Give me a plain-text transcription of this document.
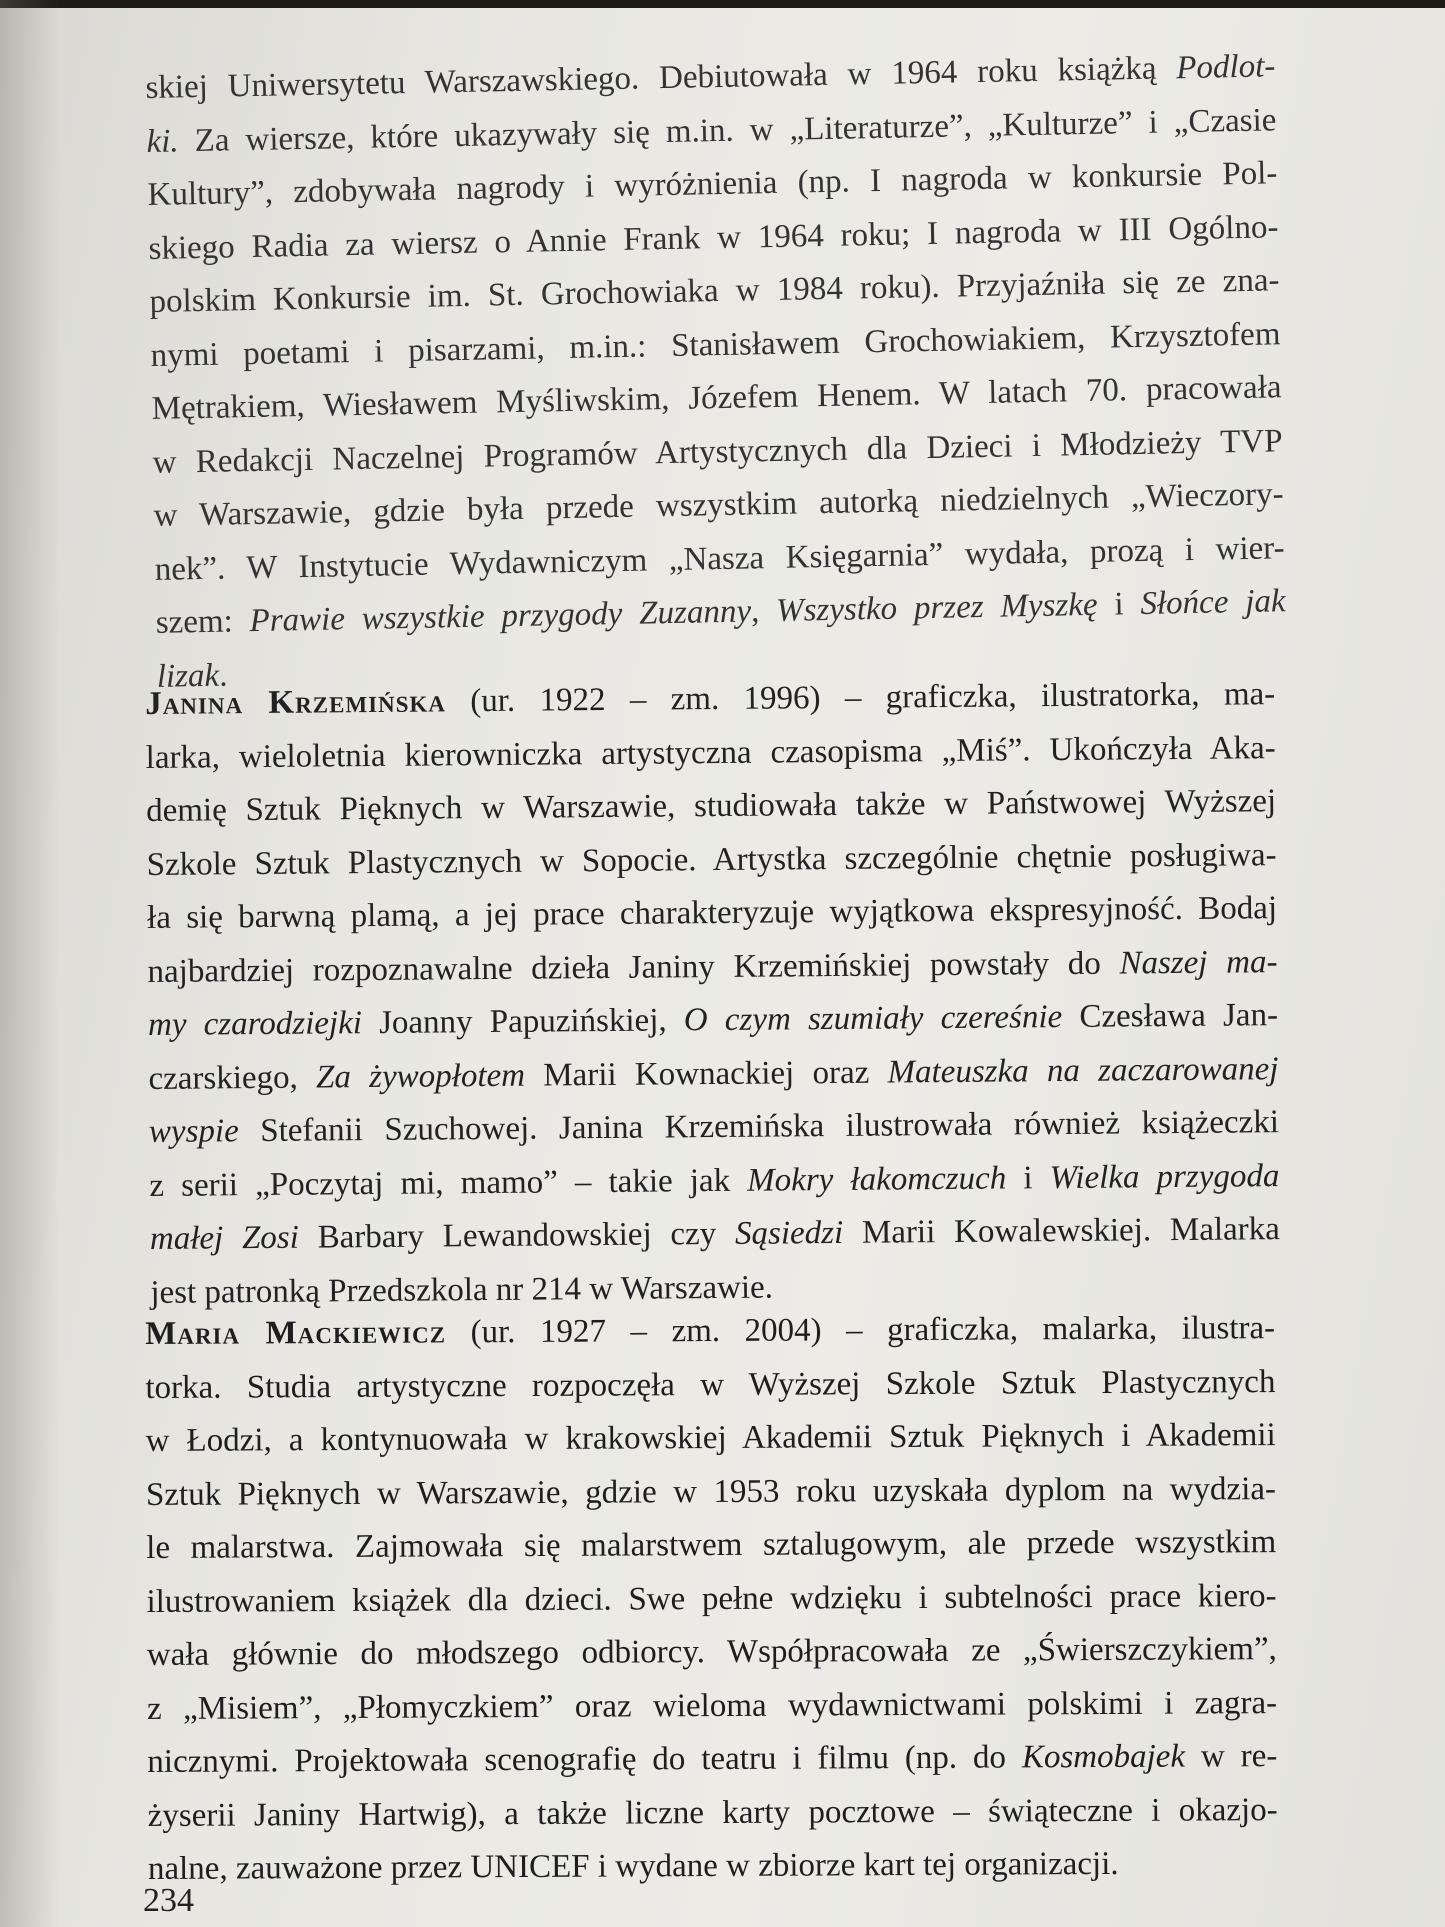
skiej Uniwersytetu Warszawskiego. Debiutowała w 1964 roku książką Podlot-
ki. Za wiersze, które ukazywały się m.in. w „Literaturze”, „Kulturze” i „Czasie
Kultury”, zdobywała nagrody i wyróżnienia (np. I nagroda w konkursie Pol-
skiego Radia za wiersz o Annie Frank w 1964 roku; I nagroda w III Ogólno-
polskim Konkursie im. St. Grochowiaka w 1984 roku). Przyjaźniła się ze zna-
nymi poetami i pisarzami, m.in.: Stanisławem Grochowiakiem, Krzysztofem
Mętrakiem, Wiesławem Myśliwskim, Józefem Henem. W latach 70. pracowała
w Redakcji Naczelnej Programów Artystycznych dla Dzieci i Młodzieży TVP
w Warszawie, gdzie była przede wszystkim autorką niedzielnych „Wieczory-
nek”. W Instytucie Wydawniczym „Nasza Księgarnia” wydała, prozą i wier-
szem: Prawie wszystkie przygody Zuzanny, Wszystko przez Myszkę i Słońce jak
lizak.
Janina Krzemińska (ur. 1922 – zm. 1996) – graficzka, ilustratorka, ma-
larka, wieloletnia kierowniczka artystyczna czasopisma „Miś”. Ukończyła Aka-
demię Sztuk Pięknych w Warszawie, studiowała także w Państwowej Wyższej
Szkole Sztuk Plastycznych w Sopocie. Artystka szczególnie chętnie posługiwa-
ła się barwną plamą, a jej prace charakteryzuje wyjątkowa ekspresyjność. Bodaj
najbardziej rozpoznawalne dzieła Janiny Krzemińskiej powstały do Naszej ma-
my czarodziejki Joanny Papuzińskiej, O czym szumiały czereśnie Czesława Jan-
czarskiego, Za żywopłotem Marii Kownackiej oraz Mateuszka na zaczarowanej
wyspie Stefanii Szuchowej. Janina Krzemińska ilustrowała również książeczki
z serii „Poczytaj mi, mamo” – takie jak Mokry łakomczuch i Wielka przygoda
małej Zosi Barbary Lewandowskiej czy Sąsiedzi Marii Kowalewskiej. Malarka
jest patronką Przedszkola nr 214 w Warszawie.
Maria Mackiewicz (ur. 1927 – zm. 2004) – graficzka, malarka, ilustra-
torka. Studia artystyczne rozpoczęła w Wyższej Szkole Sztuk Plastycznych
w Łodzi, a kontynuowała w krakowskiej Akademii Sztuk Pięknych i Akademii
Sztuk Pięknych w Warszawie, gdzie w 1953 roku uzyskała dyplom na wydzia-
le malarstwa. Zajmowała się malarstwem sztalugowym, ale przede wszystkim
ilustrowaniem książek dla dzieci. Swe pełne wdzięku i subtelności prace kiero-
wała głównie do młodszego odbiorcy. Współpracowała ze „Świerszczykiem”,
z „Misiem”, „Płomyczkiem” oraz wieloma wydawnictwami polskimi i zagra-
nicznymi. Projektowała scenografię do teatru i filmu (np. do Kosmobajek w re-
żyserii Janiny Hartwig), a także liczne karty pocztowe – świąteczne i okazjo-
nalne, zauważone przez UNICEF i wydane w zbiorze kart tej organizacji.
234
